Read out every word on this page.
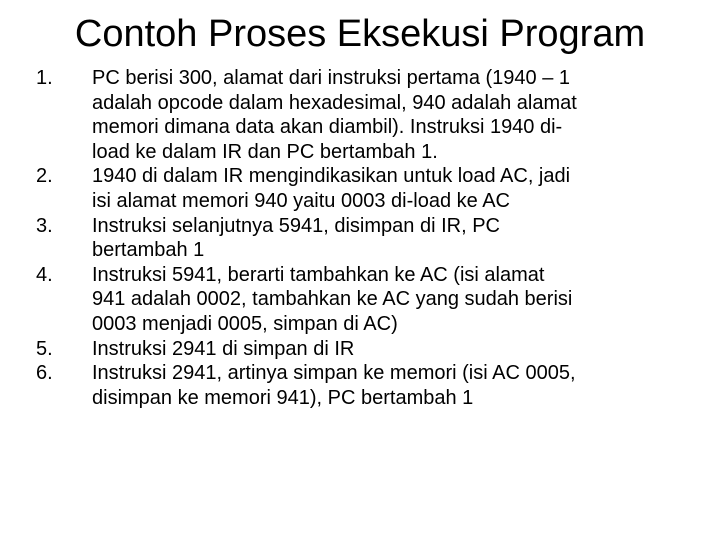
Contoh Proses Eksekusi Program
1.	PC berisi 300, alamat dari instruksi pertama (1940 – 1
adalah opcode dalam hexadesimal, 940 adalah alamat
memori dimana data akan diambil). Instruksi 1940 di-
load ke dalam IR dan PC bertambah 1.
2.	1940 di dalam IR mengindikasikan untuk load AC, jadi
isi alamat memori 940 yaitu 0003 di-load ke AC
3.	Instruksi selanjutnya 5941, disimpan di IR, PC
bertambah 1
4.	Instruksi 5941, berarti tambahkan ke AC (isi alamat
941 adalah 0002, tambahkan ke AC yang sudah berisi
0003 menjadi 0005, simpan di AC)
5.	Instruksi 2941 di simpan di IR
6.	Instruksi 2941, artinya simpan ke memori (isi AC 0005,
disimpan ke memori 941), PC bertambah 1
